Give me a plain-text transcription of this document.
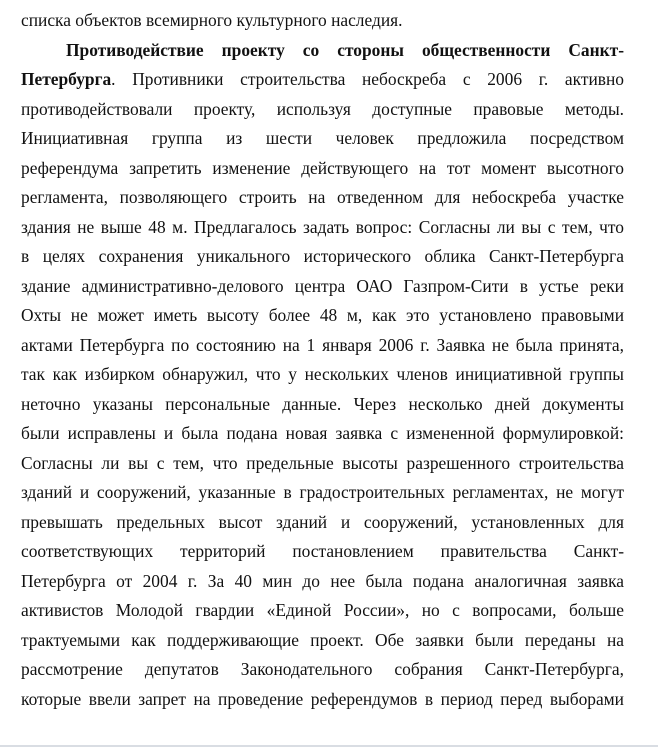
списка объектов всемирного культурного наследия.
Противодействие проекту со стороны общественности Санкт-
Петербурга. Противники строительства небоскреба с 2006 г. активно
противодействовали проекту, используя доступные правовые методы.
Инициативная группа из шести человек предложила посредством
референдума запретить изменение действующего на тот момент высотного
регламента, позволяющего строить на отведенном для небоскреба участке
здания не выше 48 м. Предлагалось задать вопрос: Согласны ли вы с тем, что
в целях сохранения уникального исторического облика Санкт-Петербурга
здание административно-делового центра ОАО Газпром-Сити в устье реки
Охты не может иметь высоту более 48 м, как это установлено правовыми
актами Петербурга по состоянию на 1 января 2006 г. Заявка не была принята,
так как избирком обнаружил, что у нескольких членов инициативной группы
неточно указаны персональные данные. Через несколько дней документы
были исправлены и была подана новая заявка с измененной формулировкой:
Согласны ли вы с тем, что предельные высоты разрешенного строительства
зданий и сооружений, указанные в градостроительных регламентах, не могут
превышать предельных высот зданий и сооружений, установленных для
соответствующих территорий постановлением правительства Санкт-
Петербурга от 2004 г. За 40 мин до нее была подана аналогичная заявка
активистов Молодой гвардии «Единой России», но с вопросами, больше
трактуемыми как поддерживающие проект. Обе заявки были переданы на
рассмотрение депутатов Законодательного собрания Санкт-Петербурга,
которые ввели запрет на проведение референдумов в период перед выборами
